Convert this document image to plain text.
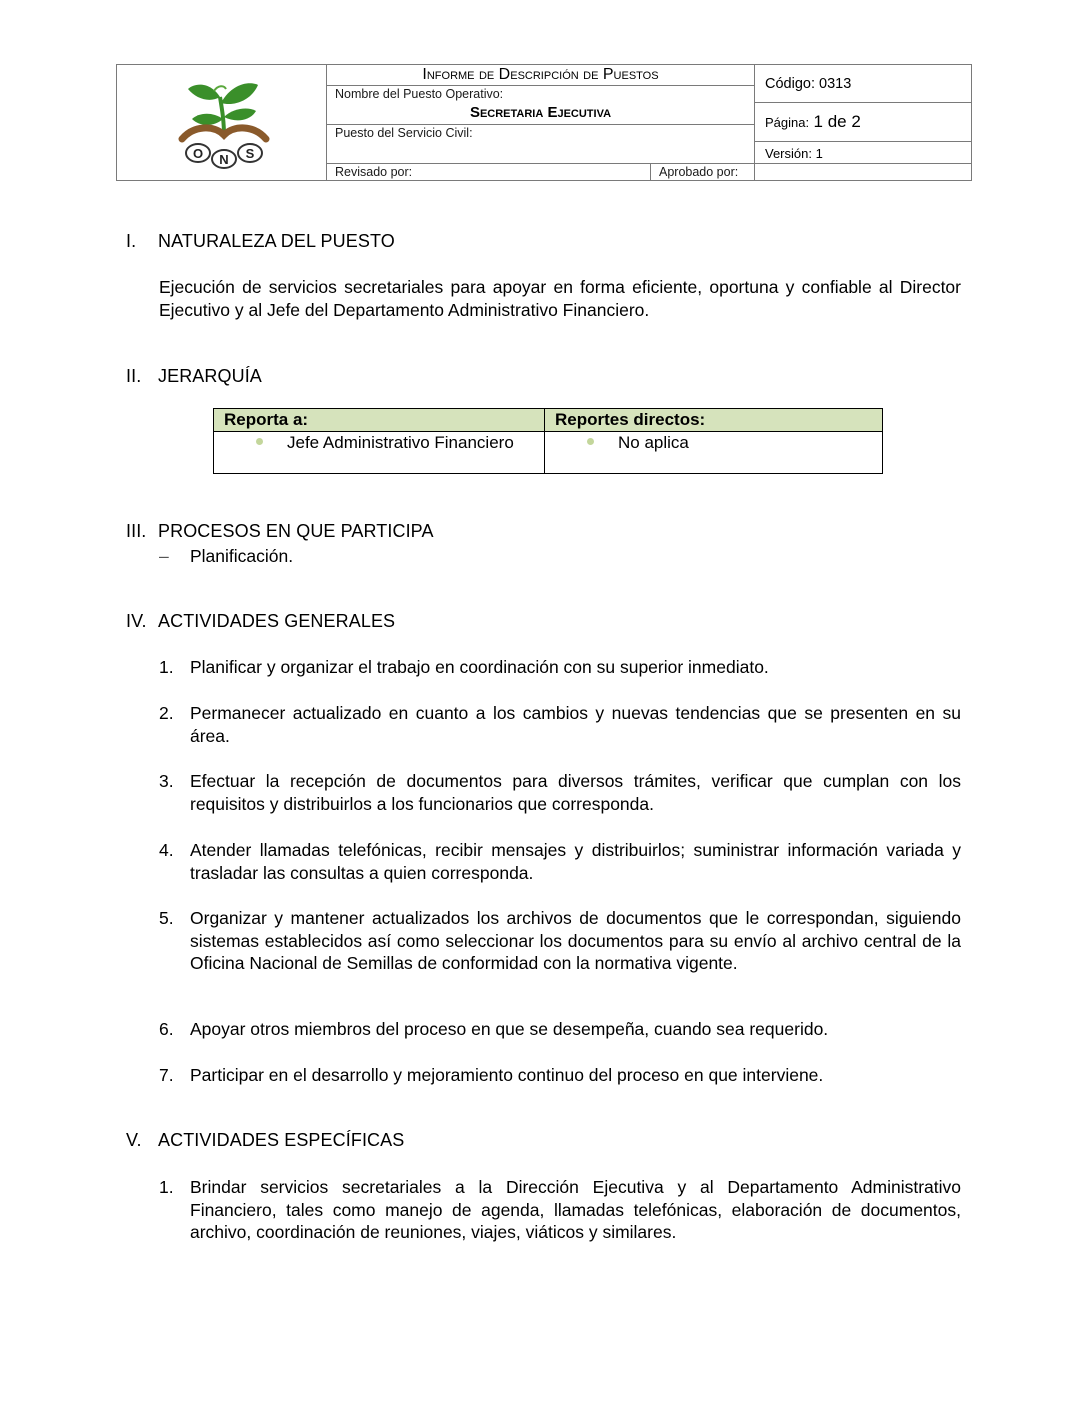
O N S
Informe de Descripción de Puestos
Nombre del Puesto Operativo:
Secretaria Ejecutiva
Puesto del Servicio Civil:
Revisado por:	Aprobado por:
Código: 0313
Página: 1 de 2
Versión: 1
I. NATURALEZA DEL PUESTO
Ejecución de servicios secretariales para apoyar en forma eficiente, oportuna y confiable al Director Ejecutivo y al Jefe del Departamento Administrativo Financiero.
II. JERARQUÍA
Reporta a:	Reportes directos:
Jefe Administrativo Financiero	No aplica
III. PROCESOS EN QUE PARTICIPA
– Planificación.
IV. ACTIVIDADES GENERALES
1. Planificar y organizar el trabajo en coordinación con su superior inmediato.
2. Permanecer actualizado en cuanto a los cambios y nuevas tendencias que se presenten en su área.
3. Efectuar la recepción de documentos para diversos trámites, verificar que cumplan con los requisitos y distribuirlos a los funcionarios que corresponda.
4. Atender llamadas telefónicas, recibir mensajes y distribuirlos; suministrar información variada y trasladar las consultas a quien corresponda.
5. Organizar y mantener actualizados los archivos de documentos que le correspondan, siguiendo sistemas establecidos así como seleccionar los documentos para su envío al archivo central de la Oficina Nacional de Semillas de conformidad con la normativa vigente.
6. Apoyar otros miembros del proceso en que se desempeña, cuando sea requerido.
7. Participar en el desarrollo y mejoramiento continuo del proceso en que interviene.
V. ACTIVIDADES ESPECÍFICAS
1. Brindar servicios secretariales a la Dirección Ejecutiva y al Departamento Administrativo Financiero, tales como manejo de agenda, llamadas telefónicas, elaboración de documentos, archivo, coordinación de reuniones, viajes, viáticos y similares.
